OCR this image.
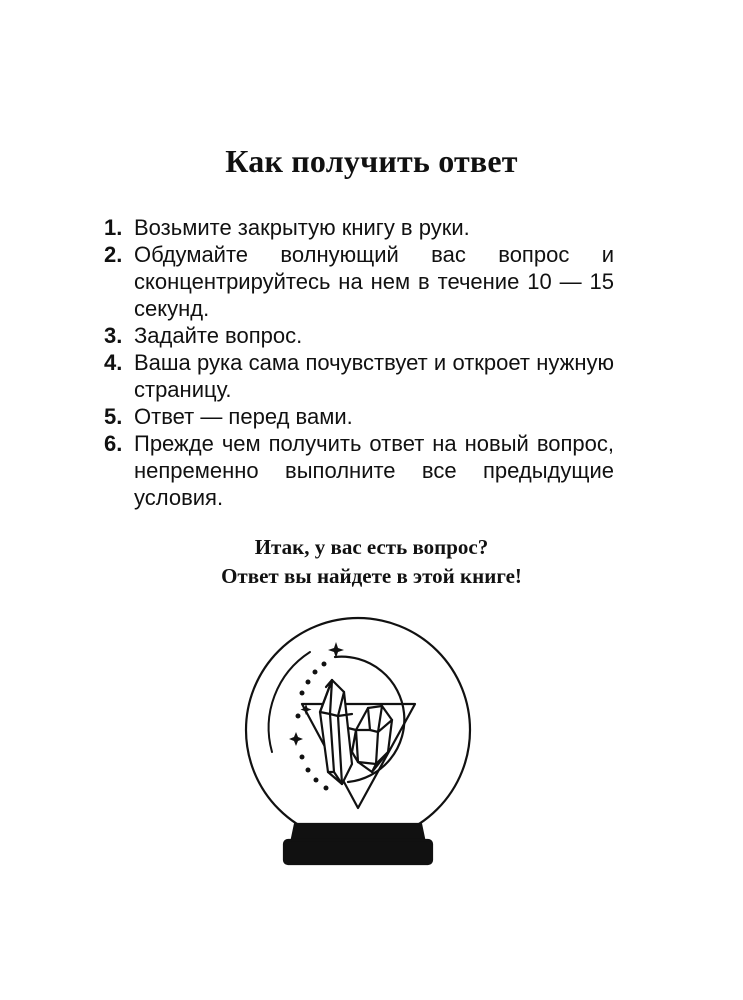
Как получить ответ
1. Возьмите закрытую книгу в руки.
2. Обдумайте волнующий вас вопрос и сконцентрируйтесь на нем в течение 10 — 15 секунд.
3. Задайте вопрос.
4. Ваша рука сама почувствует и откроет нужную страницу.
5. Ответ — перед вами.
6. Прежде чем получить ответ на новый вопрос, непременно выполните все предыдущие условия.
Итак, у вас есть вопрос?
Ответ вы найдете в этой книге!
